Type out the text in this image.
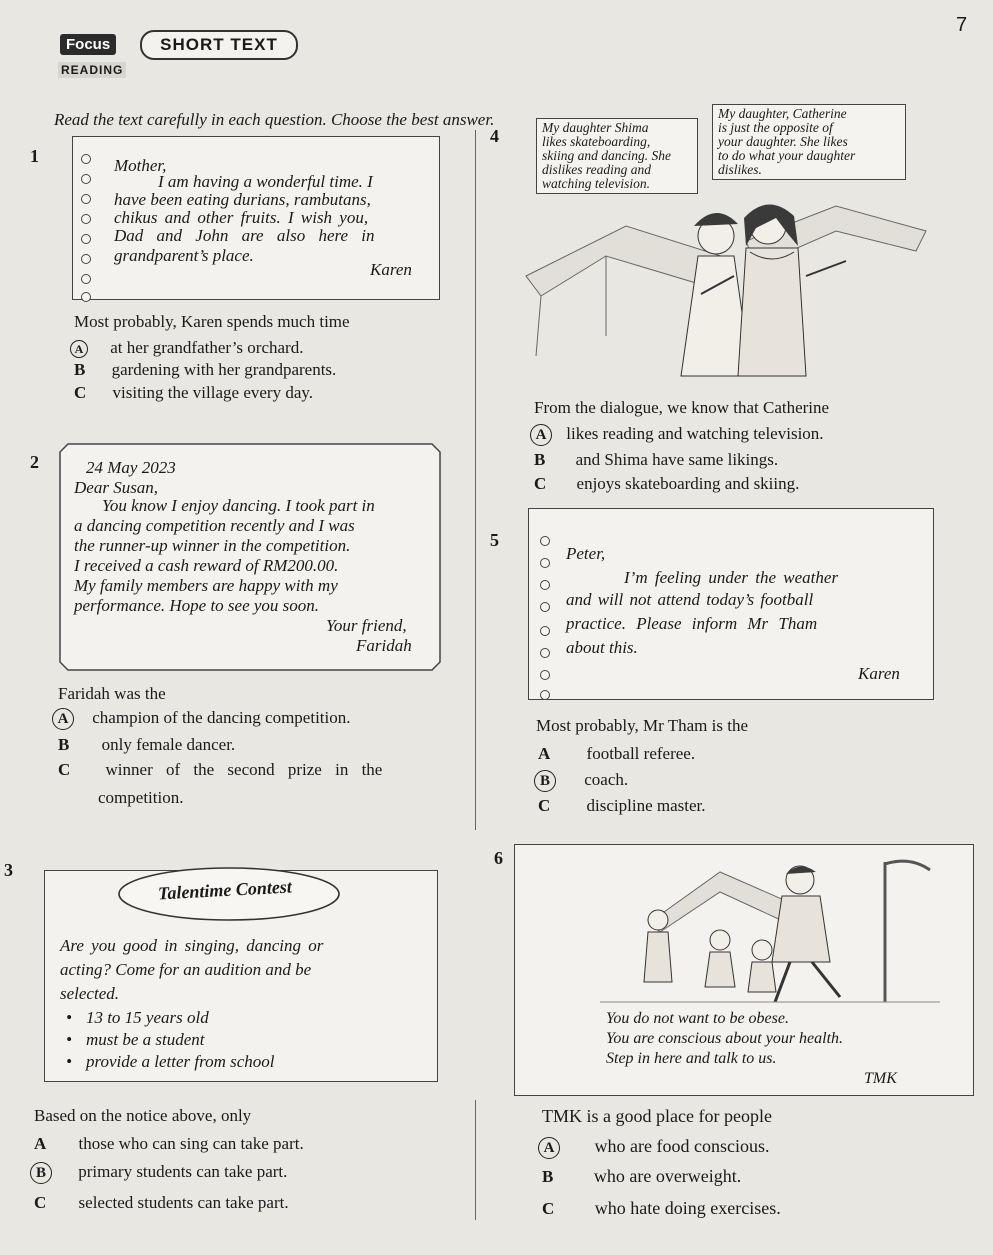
7
Focus	SHORT TEXT
READING
Read the text carefully in each question. Choose the best answer.
1	Mother,
I am having a wonderful time. I
have been eating durians, rambutans,
chikus and other fruits. I wish you,
Dad and John are also here in
grandparent’s place.
Karen
Most probably, Karen spends much time
A at her grandfather’s orchard.
B gardening with her grandparents.
C visiting the village every day.
2	24 May 2023
Dear Susan,
You know I enjoy dancing. I took part in
a dancing competition recently and I was
the runner-up winner in the competition.
I received a cash reward of RM200.00.
My family members are happy with my
performance. Hope to see you soon.
Your friend,
Faridah
Faridah was the
A champion of the dancing competition.
B only female dancer.
C winner of the second prize in the
competition.
3
Talentime Contest
Are you good in singing, dancing or
acting? Come for an audition and be
selected.
• 13 to 15 years old
• must be a student
• provide a letter from school
Based on the notice above, only
A those who can sing can take part.
B primary students can take part.
C selected students can take part.
4	My daughter Shima
likes skateboarding,
skiing and dancing. She
dislikes reading and
watching television.
My daughter, Catherine
is just the opposite of
your daughter. She likes
to do what your daughter
dislikes.
From the dialogue, we know that Catherine
A likes reading and watching television.
B and Shima have same likings.
C enjoys skateboarding and skiing.
5
Peter,
I’m feeling under the weather
and will not attend today’s football
practice. Please inform Mr Tham
about this.
Karen
Most probably, Mr Tham is the
A football referee.
B coach.
C discipline master.
6
You do not want to be obese.
You are conscious about your health.
Step in here and talk to us.
TMK
TMK is a good place for people
A who are food conscious.
B who are overweight.
C who hate doing exercises.
